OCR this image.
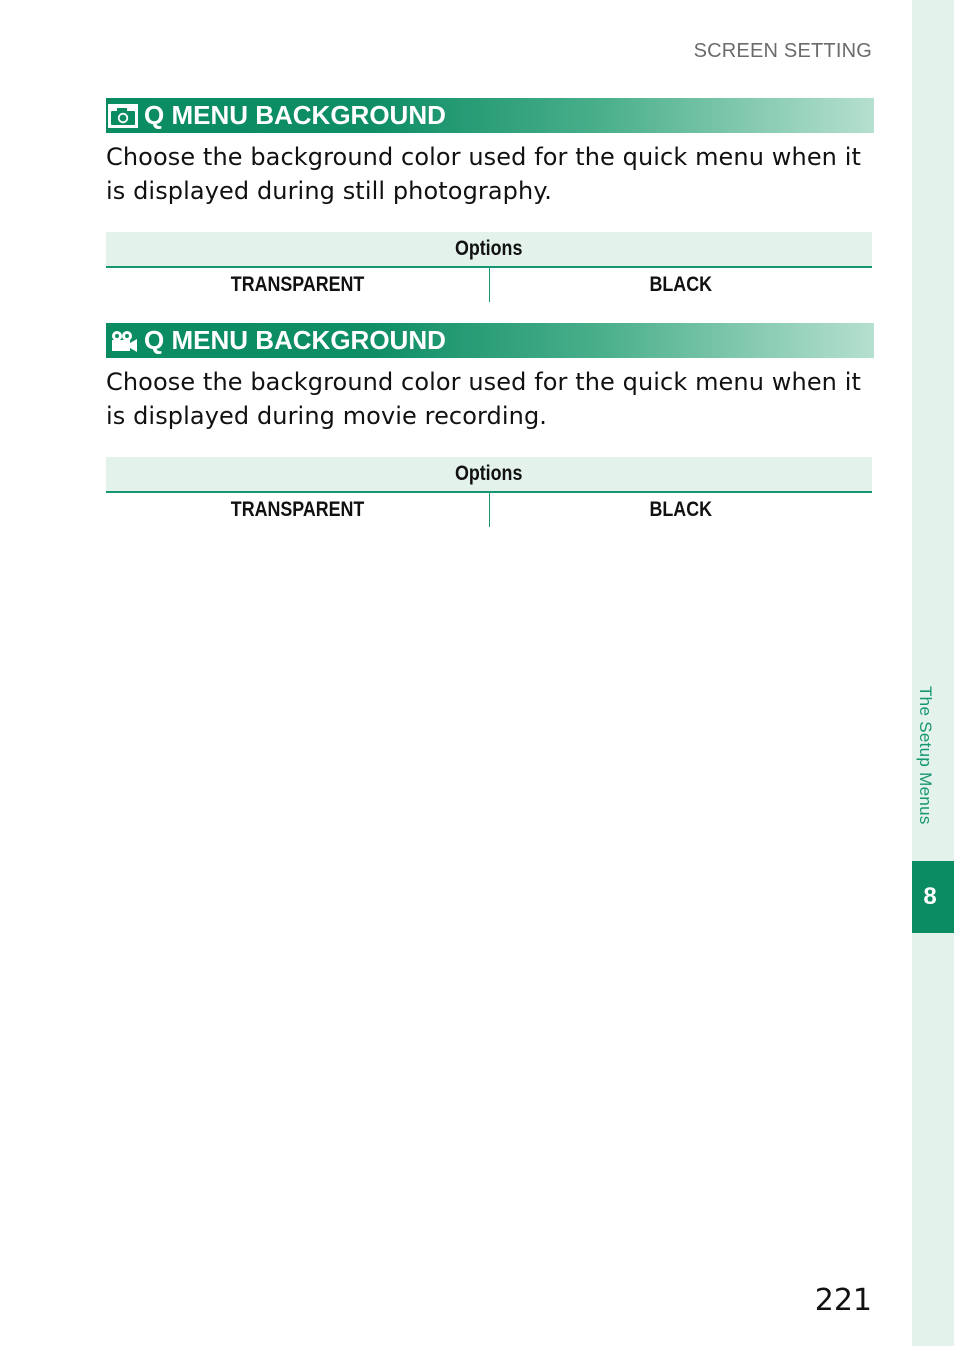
SCREEN SETTING
Q MENU BACKGROUND

Choose the background color used for the quick menu when it is displayed during still photography.

Options
TRANSPARENT	BLACK
Q MENU BACKGROUND

Choose the background color used for the quick menu when it is displayed during movie recording.

Options
TRANSPARENT	BLACK
The Setup Menus
8
221
